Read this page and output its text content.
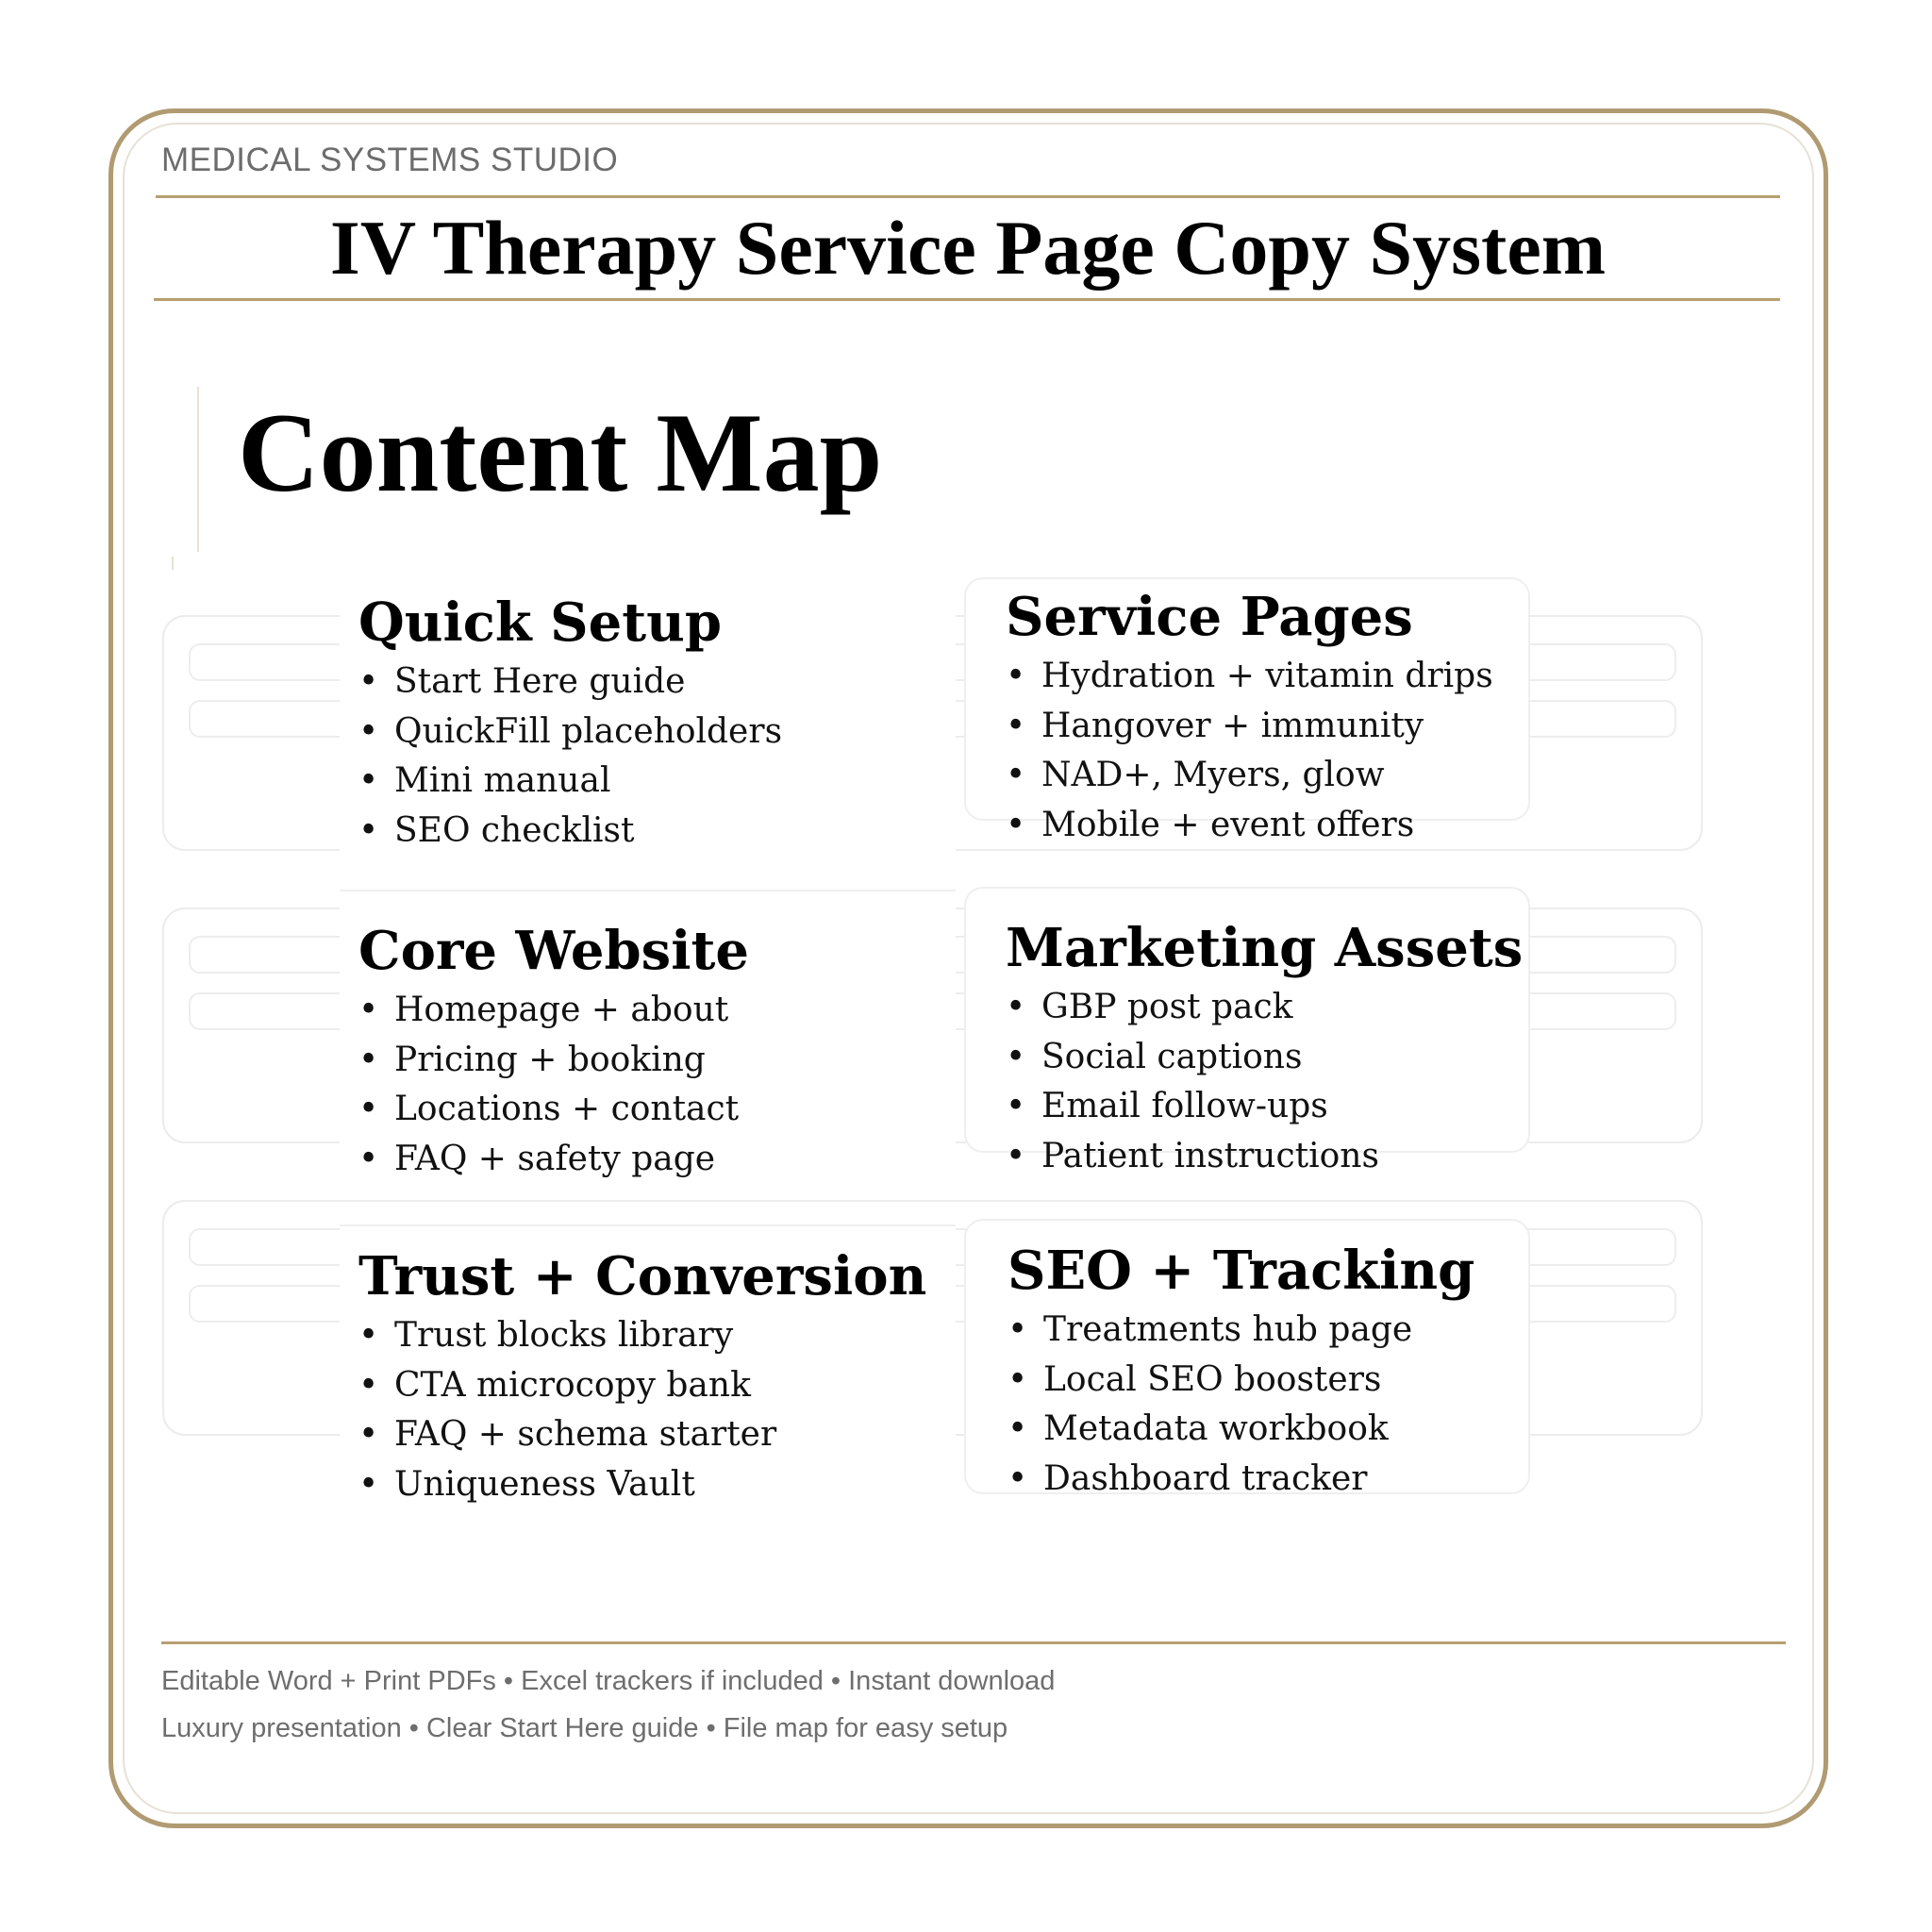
MEDICAL SYSTEMS STUDIO
IV Therapy Service Page Copy System
Content Map
Quick Setup
• Start Here guide
• QuickFill placeholders
• Mini manual
• SEO checklist
Service Pages
• Hydration + vitamin drips
• Hangover + immunity
• NAD+, Myers, glow
• Mobile + event offers
Core Website
• Homepage + about
• Pricing + booking
• Locations + contact
• FAQ + safety page
Marketing Assets
• GBP post pack
• Social captions
• Email follow-ups
• Patient instructions
Trust + Conversion
• Trust blocks library
• CTA microcopy bank
• FAQ + schema starter
• Uniqueness Vault
SEO + Tracking
• Treatments hub page
• Local SEO boosters
• Metadata workbook
• Dashboard tracker
Editable Word + Print PDFs • Excel trackers if included • Instant download
Luxury presentation • Clear Start Here guide • File map for easy setup
